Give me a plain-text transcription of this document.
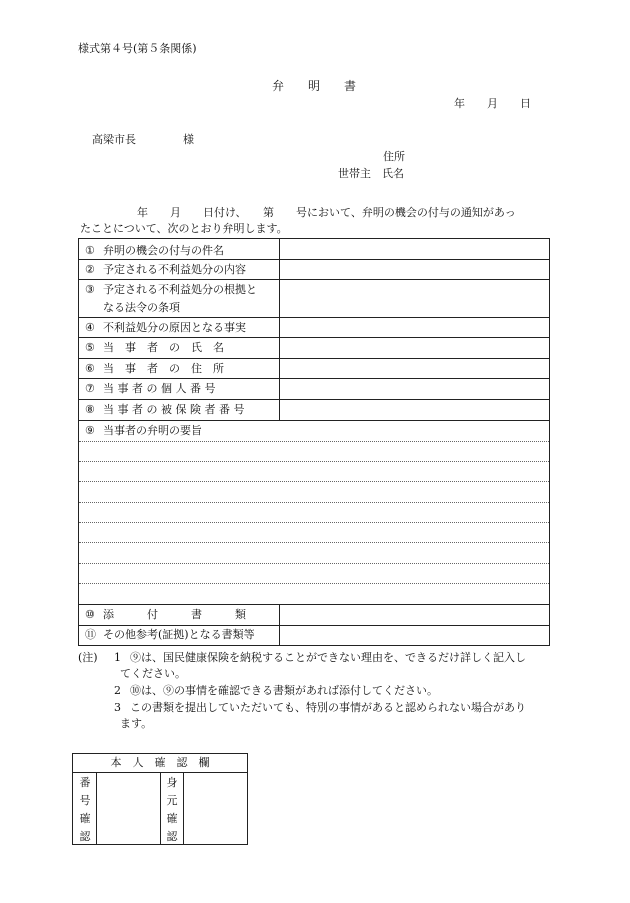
様式第４号(第５条関係)
弁　　明　　書
年　　月　　日
高梁市長	様
住所
世帯主　氏名
年　　月　　日付け、　　第　　号において、弁明の機会の付与の通知があっ
たことについて、次のとおり弁明します。
① 弁明の機会の付与の件名
② 予定される不利益処分の内容
③ 予定される不利益処分の根拠と
なる法令の条項
④ 不利益処分の原因となる事実
⑤ 当　事　者　の　氏　名
⑥ 当　事　者　の　住　所
⑦ 当 事 者 の 個 人 番 号
⑧ 当 事 者 の 被 保 険 者 番 号
⑨ 当事者の弁明の要旨
⑩ 添　　　付　　　書　　　類
⑪ その他参考(証拠)となる書類等
(注) 1 ⑨は、国民健康保険を納税することができない理由を、できるだけ詳しく記入し
てください。
2 ⑩は、⑨の事情を確認できる書類があれば添付してください。
3 この書類を提出していただいても、特別の事情があると認められない場合があり
ます。
本　人　確　認　欄
番
号
確
認
身
元
確
認
